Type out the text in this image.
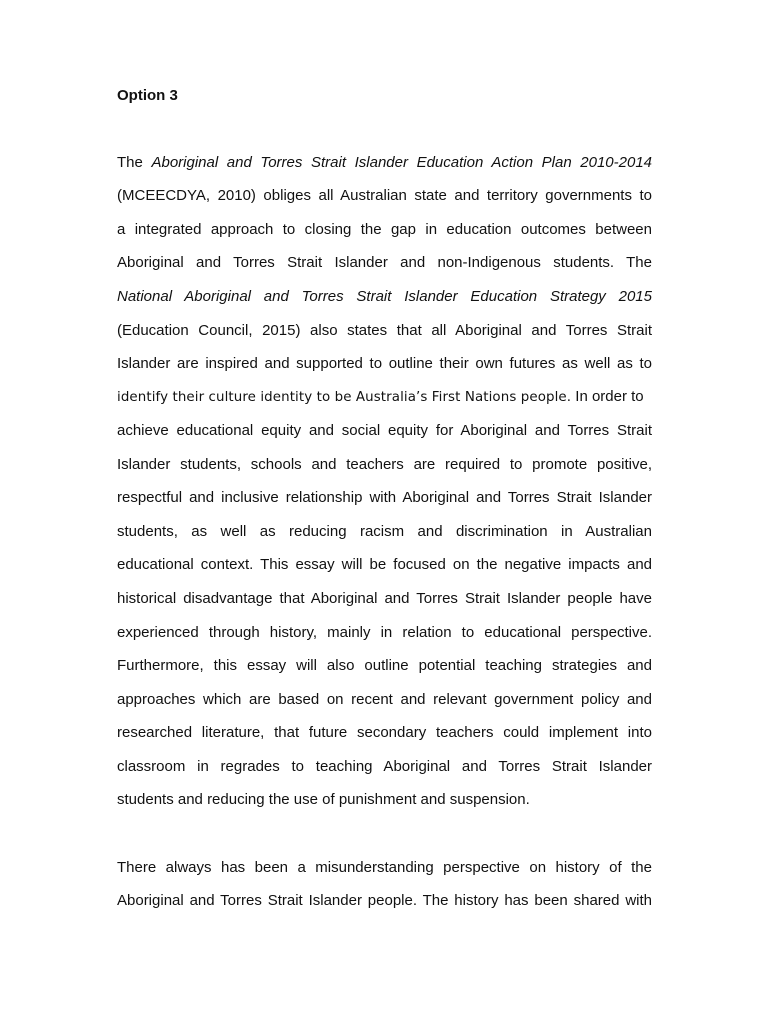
Option 3
The Aboriginal and Torres Strait Islander Education Action Plan 2010-2014
(MCEECDYA, 2010) obliges all Australian state and territory governments to
a integrated approach to closing the gap in education outcomes between
Aboriginal and Torres Strait Islander and non-Indigenous students. The
National Aboriginal and Torres Strait Islander Education Strategy 2015
(Education Council, 2015) also states that all Aboriginal and Torres Strait
Islander are inspired and supported to outline their own futures as well as to
identify their culture identity to be Australia’s First Nations people. In order to
achieve educational equity and social equity for Aboriginal and Torres Strait
Islander students, schools and teachers are required to promote positive,
respectful and inclusive relationship with Aboriginal and Torres Strait Islander
students, as well as reducing racism and discrimination in Australian
educational context. This essay will be focused on the negative impacts and
historical disadvantage that Aboriginal and Torres Strait Islander people have
experienced through history, mainly in relation to educational perspective.
Furthermore, this essay will also outline potential teaching strategies and
approaches which are based on recent and relevant government policy and
researched literature, that future secondary teachers could implement into
classroom in regrades to teaching Aboriginal and Torres Strait Islander
students and reducing the use of punishment and suspension.
There always has been a misunderstanding perspective on history of the
Aboriginal and Torres Strait Islander people. The history has been shared with
